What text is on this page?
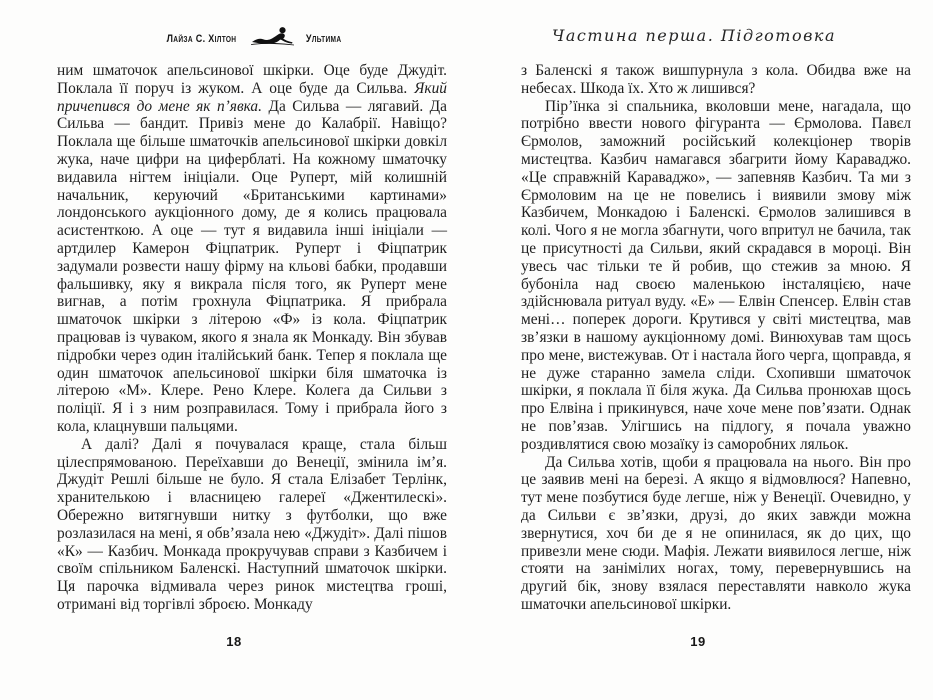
Лайза С. Хілтон	Ультима

ним шматочок апельсинової шкірки. Оце буде Джудіт. Поклала її поруч із жуком. А оце буде да Сильва. Який причепився до мене як п’явка. Да Сильва — лягавий. Да Сильва — бандит. Привіз мене до Калабрії. Навіщо? Поклала ще більше шматочків апельсинової шкірки довкіл жука, наче цифри на циферблаті. На кожному шматочку видавила нігтем ініціали. Оце Руперт, мій колишній начальник, керуючий «Британськими картинами» лондонського аукціонного дому, де я колись працювала асистенткою. А оце — тут я видавила інші ініціали — артдилер Камерон Фіцпатрик. Руперт і Фіцпатрик задумали розвести нашу фірму на кльові бабки, продавши фальшивку, яку я викрала після того, як Руперт мене вигнав, а потім грохнула Фіцпатрика. Я прибрала шматочок шкірки з літерою «Ф» із кола. Фіцпатрик працював із чуваком, якого я знала як Монкаду. Він збував підробки через один італійський банк. Тепер я поклала ще один шматочок апельсинової шкірки біля шматочка із літерою «М». Клере. Рено Клере. Колега да Сильви з поліції. Я і з ним розправилася. Тому і прибрала його з кола, клацнувши пальцями.

А далі? Далі я почувалася краще, стала більш цілеспрямованою. Переїхавши до Венеції, змінила ім’я. Джудіт Решлі більше не було. Я стала Елізабет Терлінк, хранителькою і власницею галереї «Джентилескі». Обережно витягнувши нитку з футболки, що вже розлазилася на мені, я обв’язала нею «Джудіт». Далі пішов «К» — Казбич. Монкада прокручував справи з Казбичем і своїм спільником Баленскі. Наступний шматочок шкірки. Ця парочка відмивала через ринок мистецтва гроші, отримані від торгівлі зброєю. Монкаду

18
Частина перша. Підготовка

з Баленскі я також вишпурнула з кола. Обидва вже на небесах. Шкода їх. Хто ж лишився?

Пір’їнка зі спальника, вколовши мене, нагадала, що потрібно ввести нового фігуранта — Єрмолова. Павєл Єрмолов, заможний російський колекціонер творів мистецтва. Казбич намагався збагрити йому Караваджо. «Це справжній Караваджо», — запевняв Казбич. Та ми з Єрмоловим на це не повелись і виявили змову між Казбичем, Монкадою і Баленскі. Єрмолов залишився в колі. Чого я не могла збагнути, чого впритул не бачила, так це присутності да Сильви, який скрадався в мороці. Він увесь час тільки те й робив, що стежив за мною. Я бубоніла над своєю маленькою інсталяцією, наче здійснювала ритуал вуду. «Е» — Елвін Спенсер. Елвін став мені… поперек дороги. Крутився у світі мистецтва, мав зв’язки в нашому аукціонному домі. Винюхував там щось про мене, вистежував. От і настала його черга, щоправда, я не дуже старанно замела сліди. Схопивши шматочок шкірки, я поклала її біля жука. Да Сильва пронюхав щось про Елвіна і прикинувся, наче хоче мене пов’язати. Однак не пов’язав. Улігшись на підлогу, я почала уважно роздивлятися свою мозаїку із саморобних ляльок.

Да Сильва хотів, щоби я працювала на нього. Він про це заявив мені на березі. А якщо я відмовлюся? Напевно, тут мене позбутися буде легше, ніж у Венеції. Очевидно, у да Сильви є зв’язки, друзі, до яких завжди можна звернутися, хоч би де я не опинилася, як до цих, що привезли мене сюди. Мафія. Лежати виявилося легше, ніж стояти на занімілих ногах, тому, перевернувшись на другий бік, знову взялася переставляти навколо жука шматочки апельсинової шкірки.

19
